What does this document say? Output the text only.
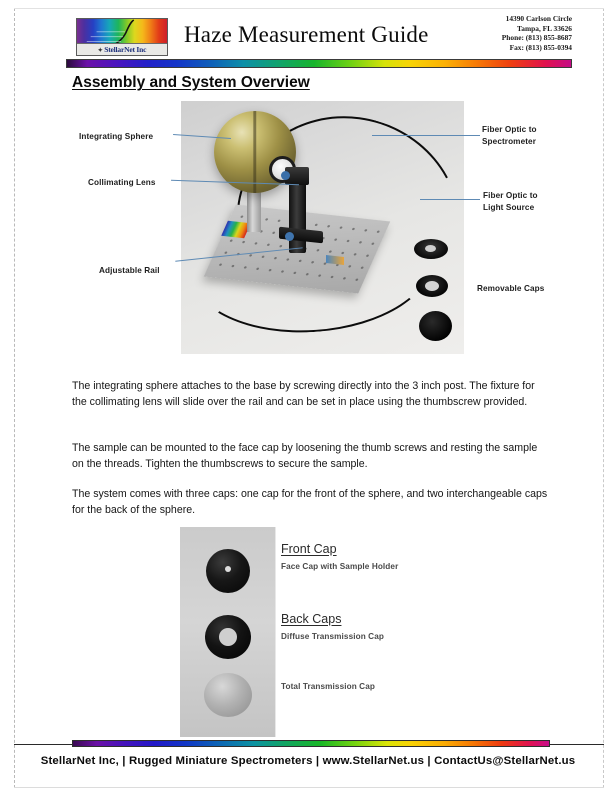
✦ StellarNet Inc
Haze Measurement Guide
14390 Carlson Circle
Tampa, FL 33626
Phone: (813) 855-8687
Fax: (813) 855-0394
Assembly and System Overview
Integrating Sphere
Collimating Lens
Adjustable Rail
Fiber Optic to
Spectrometer
Fiber Optic to
Light Source
Removable Caps
The integrating sphere attaches to the base by screwing directly into the 3 inch post. The fixture for the collimating lens will slide over the rail and can be set in place using the thumbscrew provided.
The sample can be mounted to the face cap by loosening the thumb screws and resting the sample on the threads. Tighten the thumbscrews to secure the sample.
The system comes with three caps: one cap for the front of the sphere, and two interchangeable caps for the back of the sphere.
Front Cap
Face Cap with Sample Holder
Back Caps
Diffuse Transmission Cap
Total Transmission Cap
StellarNet Inc, | Rugged Miniature Spectrometers | www.StellarNet.us | ContactUs@StellarNet.us
